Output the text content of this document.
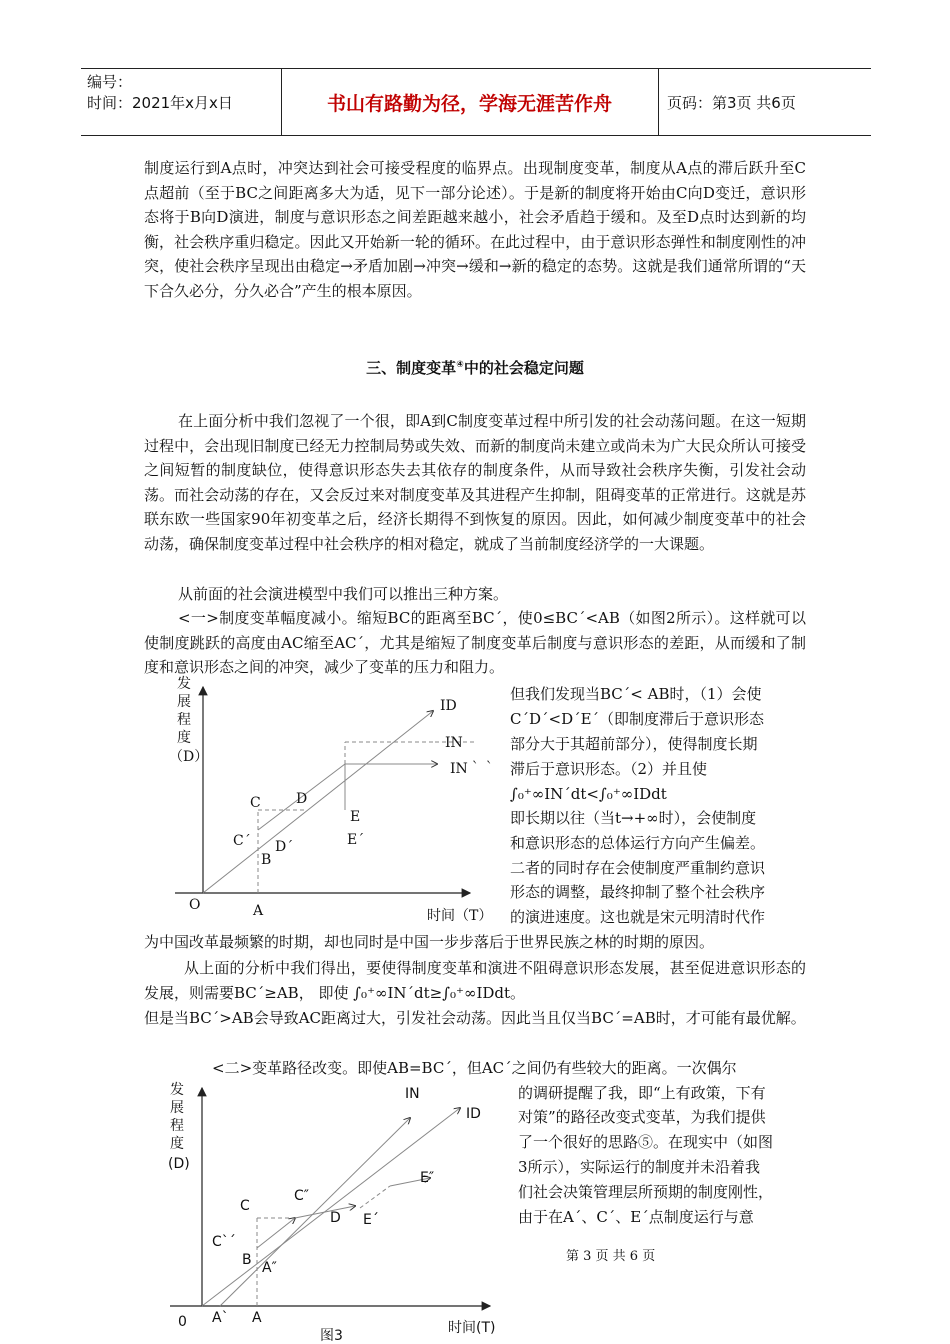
编号：
时间：2021年x月x日	书山有路勤为径，学海无涯苦作舟	页码：第3页 共6页
制度运行到A点时，冲突达到社会可接受程度的临界点。出现制度变革，制度从A点的滞后跃升至C点超前（至于BC之间距离多大为适，见下一部分论述）。于是新的制度将开始由C向D变迁，意识形态将于B向D演进，制度与意识形态之间差距越来越小，社会矛盾趋于缓和。及至D点时达到新的均衡，社会秩序重归稳定。因此又开始新一轮的循环。在此过程中，由于意识形态弹性和制度刚性的冲突，使社会秩序呈现出由稳定→矛盾加剧→冲突→缓和→新的稳定的态势。这就是我们通常所谓的“天下合久必分，分久必合”产生的根本原因。
三、制度变革④中的社会稳定问题
在上面分析中我们忽视了一个很，即A到C制度变革过程中所引发的社会动荡问题。在这一短期过程中，会出现旧制度已经无力控制局势或失效、而新的制度尚未建立或尚未为广大民众所认可接受之间短暂的制度缺位，使得意识形态失去其依存的制度条件，从而导致社会秩序失衡，引发社会动荡。而社会动荡的存在，又会反过来对制度变革及其进程产生抑制，阻碍变革的正常进行。这就是苏联东欧一些国家90年初变革之后，经济长期得不到恢复的原因。因此，如何减少制度变革中的社会动荡，确保制度变革过程中社会秩序的相对稳定，就成了当前制度经济学的一大课题。
从前面的社会演进模型中我们可以推出三种方案。
<一>制度变革幅度减小。缩短BC的距离至BC´，使0≤BC´<AB（如图2所示）。这样就可以使制度跳跃的高度由AC缩至AC´，尤其是缩短了制度变革后制度与意识形态的差距，从而缓和了制度和意识形态之间的冲突，减少了变革的压力和阻力。
发
展
程
度
（D）
O	A
B
C
C´
D
D´
E
E´
ID
IN
IN｀｀
时间（T）
但我们发现当BC´< AB时，（1）会使
C´D´<D´E´（即制度滞后于意识形态
部分大于其超前部分），使得制度长期
滞后于意识形态。（2）并且使
∫₀⁺∞IN´dt<∫₀⁺∞IDdt
即长期以往（当t→+∞时），会使制度
和意识形态的总体运行方向产生偏差。
二者的同时存在会使制度严重制约意识
形态的调整，最终抑制了整个社会秩序
的演进速度。这也就是宋元明清时代作
为中国改革最频繁的时期，却也同时是中国一步步落后于世界民族之林的时期的原因。
从上面的分析中我们得出，要使得制度变革和演进不阻碍意识形态发展，甚至促进意识形态的发展，则需要BC´≥AB， 即使 ∫₀⁺∞IN´dt≥∫₀⁺∞IDdt。
但是当BC´>AB会导致AC距离过大，引发社会动荡。因此当且仅当BC´=AB时，才可能有最优解。
<二>变革路径改变。即使AB=BC´，但AC´之间仍有些较大的距离。一次偶尔
发
展
程
度
(D)
0 A` A
B A″
C
C`´
C″
D E´
E″
IN
ID
图3	时间(T)
的调研提醒了我，即“上有政策，下有
对策”的路径改变式变革，为我们提供
了一个很好的思路⑤。在现实中（如图
3所示），实际运行的制度并未沿着我
们社会决策管理层所预期的制度刚性，
由于在A´、C´、E´点制度运行与意
第 3 页 共 6 页
